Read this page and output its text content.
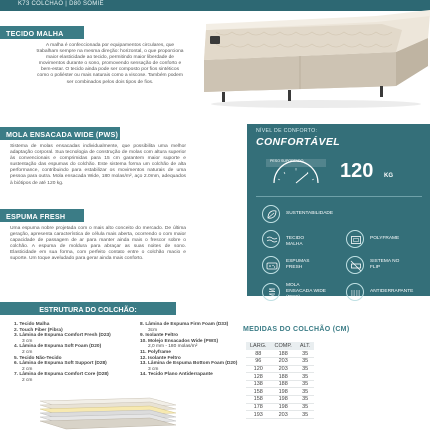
K73 COLCHÃO | D80 SOMIÊ
TECIDO MALHA
A malha é confeccionada por equipamentos circulares, que trabalham sempre na mesma direção: horizontal, o que proporciona maior elasticidade ao tecido, permitindo maior liberdade de movimentos durante o sono, promovendo sensação de conforto e bem-estar. O tecido ainda pode ser composto por fios sintéticos como o poliéster ou mais naturais como a viscose. Também podem ser combinados pelos dois tipos de fios.
MOLA ENSACADA WIDE (PWS)
Sistema de molas ensacadas individualmente, que possibilita uma melhor adaptação corporal. Sua tecnologia de construção de molas com altura superior às convencionais e comprimidas para 15 cm garantem maior suporte e sustentação das espumas do colchão. Este sistema forma um colchão de alta performance, contribuindo para estabilizar os movimentos naturais de uma pessoa para outra. Mola ensacada Wide, 180 molas/m², aço 2.0mm, adequados à biótipos de até 120 kg.
ESPUMA FRESH
Uma espuma nobre projetada com o mais alto conceito do mercado. De última geração, apresenta característica de célula mais aberta, ocorrendo o com maior capacidade de passagem de ar para manter ainda mais o frescor sobre o colchão. A espuma de moldura para abraçar as suas noites de sono. Elasticidade em sua forma, com perfeito contato entre o colchão macio e suporte. Um toque aveludado para gerar ainda mais conforto.
NÍVEL DE CONFORTO:
CONFORTÁVEL
PESO SUPORTADO 120 KG
SUSTENTABILIDADE
TECIDO MALHA
POLYFRAME
ESPUMAS FRESH
SISTEMA NO FLIP
MOLA ENSACADA WIDE (PWS)
ANTIDERRAPANTE
ESTRUTURA DO COLCHÃO:
1. Tecido Malha
2. Touch Fiber (Fibra)
3. Lâmina de Espuma Comfort Fresh (D23)
3 cm
4. Lâmina de Espuma Soft Foam (D20)
2 cm
5. Tecido Não-Tecido
6. Lâmina de Espuma Soft Support (D28)
2 cm
7. Lâmina de Espuma Comfort Core (D28)
2 cm
8. Lâmina de Espuma Firm Foam (D33)
3cm
9. Isolante Feltro
10. Molejo Ensacados Wide (PWS)
2,0 mm - 180 molas/m²
11. Polyframe
12. Isolante Feltro
13. Lâmina de Espuma Bottom Foam (D20)
3 cm
14. Tecido Plano Antiderrapante
MEDIDAS DO COLCHÃO (CM)
LARG.	COMP.	ALT.
88	188	35
96	203	35
120	203	35
128	188	35
138	188	35
158	198	35
158	198	35
178	198	35
193	203	35
